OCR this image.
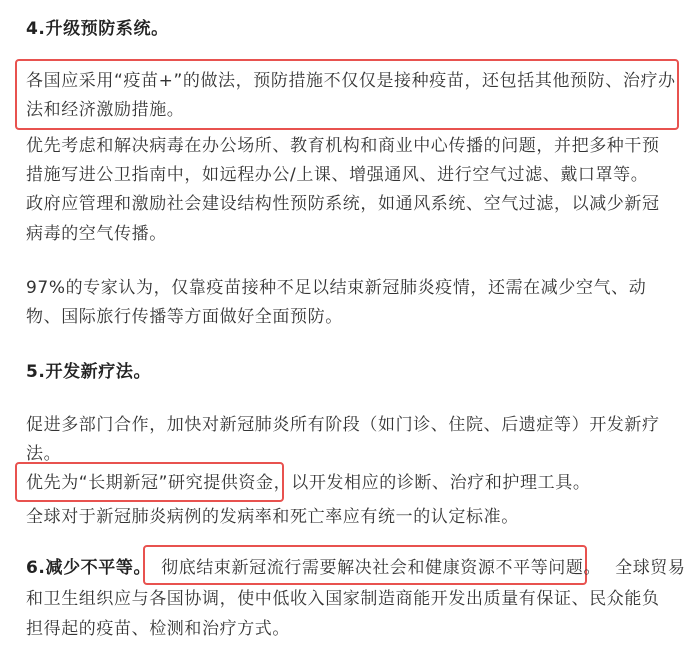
4.升级预防系统。
各国应采用“疫苗+”的做法，预防措施不仅仅是接种疫苗，还包括其他预防、治疗办
法和经济激励措施。
优先考虑和解决病毒在办公场所、教育机构和商业中心传播的问题，并把多种干预
措施写进公卫指南中，如远程办公/上课、增强通风、进行空气过滤、戴口罩等。
政府应管理和激励社会建设结构性预防系统，如通风系统、空气过滤，以减少新冠
病毒的空气传播。
97%的专家认为，仅靠疫苗接种不足以结束新冠肺炎疫情，还需在减少空气、动
物、国际旅行传播等方面做好全面预防。
5.开发新疗法。
促进多部门合作，加快对新冠肺炎所有阶段（如门诊、住院、后遗症等）开发新疗
法。
优先为“长期新冠”研究提供资金，以开发相应的诊断、治疗和护理工具。
全球对于新冠肺炎病例的发病率和死亡率应有统一的认定标准。
6.减少不平等。 彻底结束新冠流行需要解决社会和健康资源不平等问题。 全球贸易
和卫生组织应与各国协调，使中低收入国家制造商能开发出质量有保证、民众能负
担得起的疫苗、检测和治疗方式。
